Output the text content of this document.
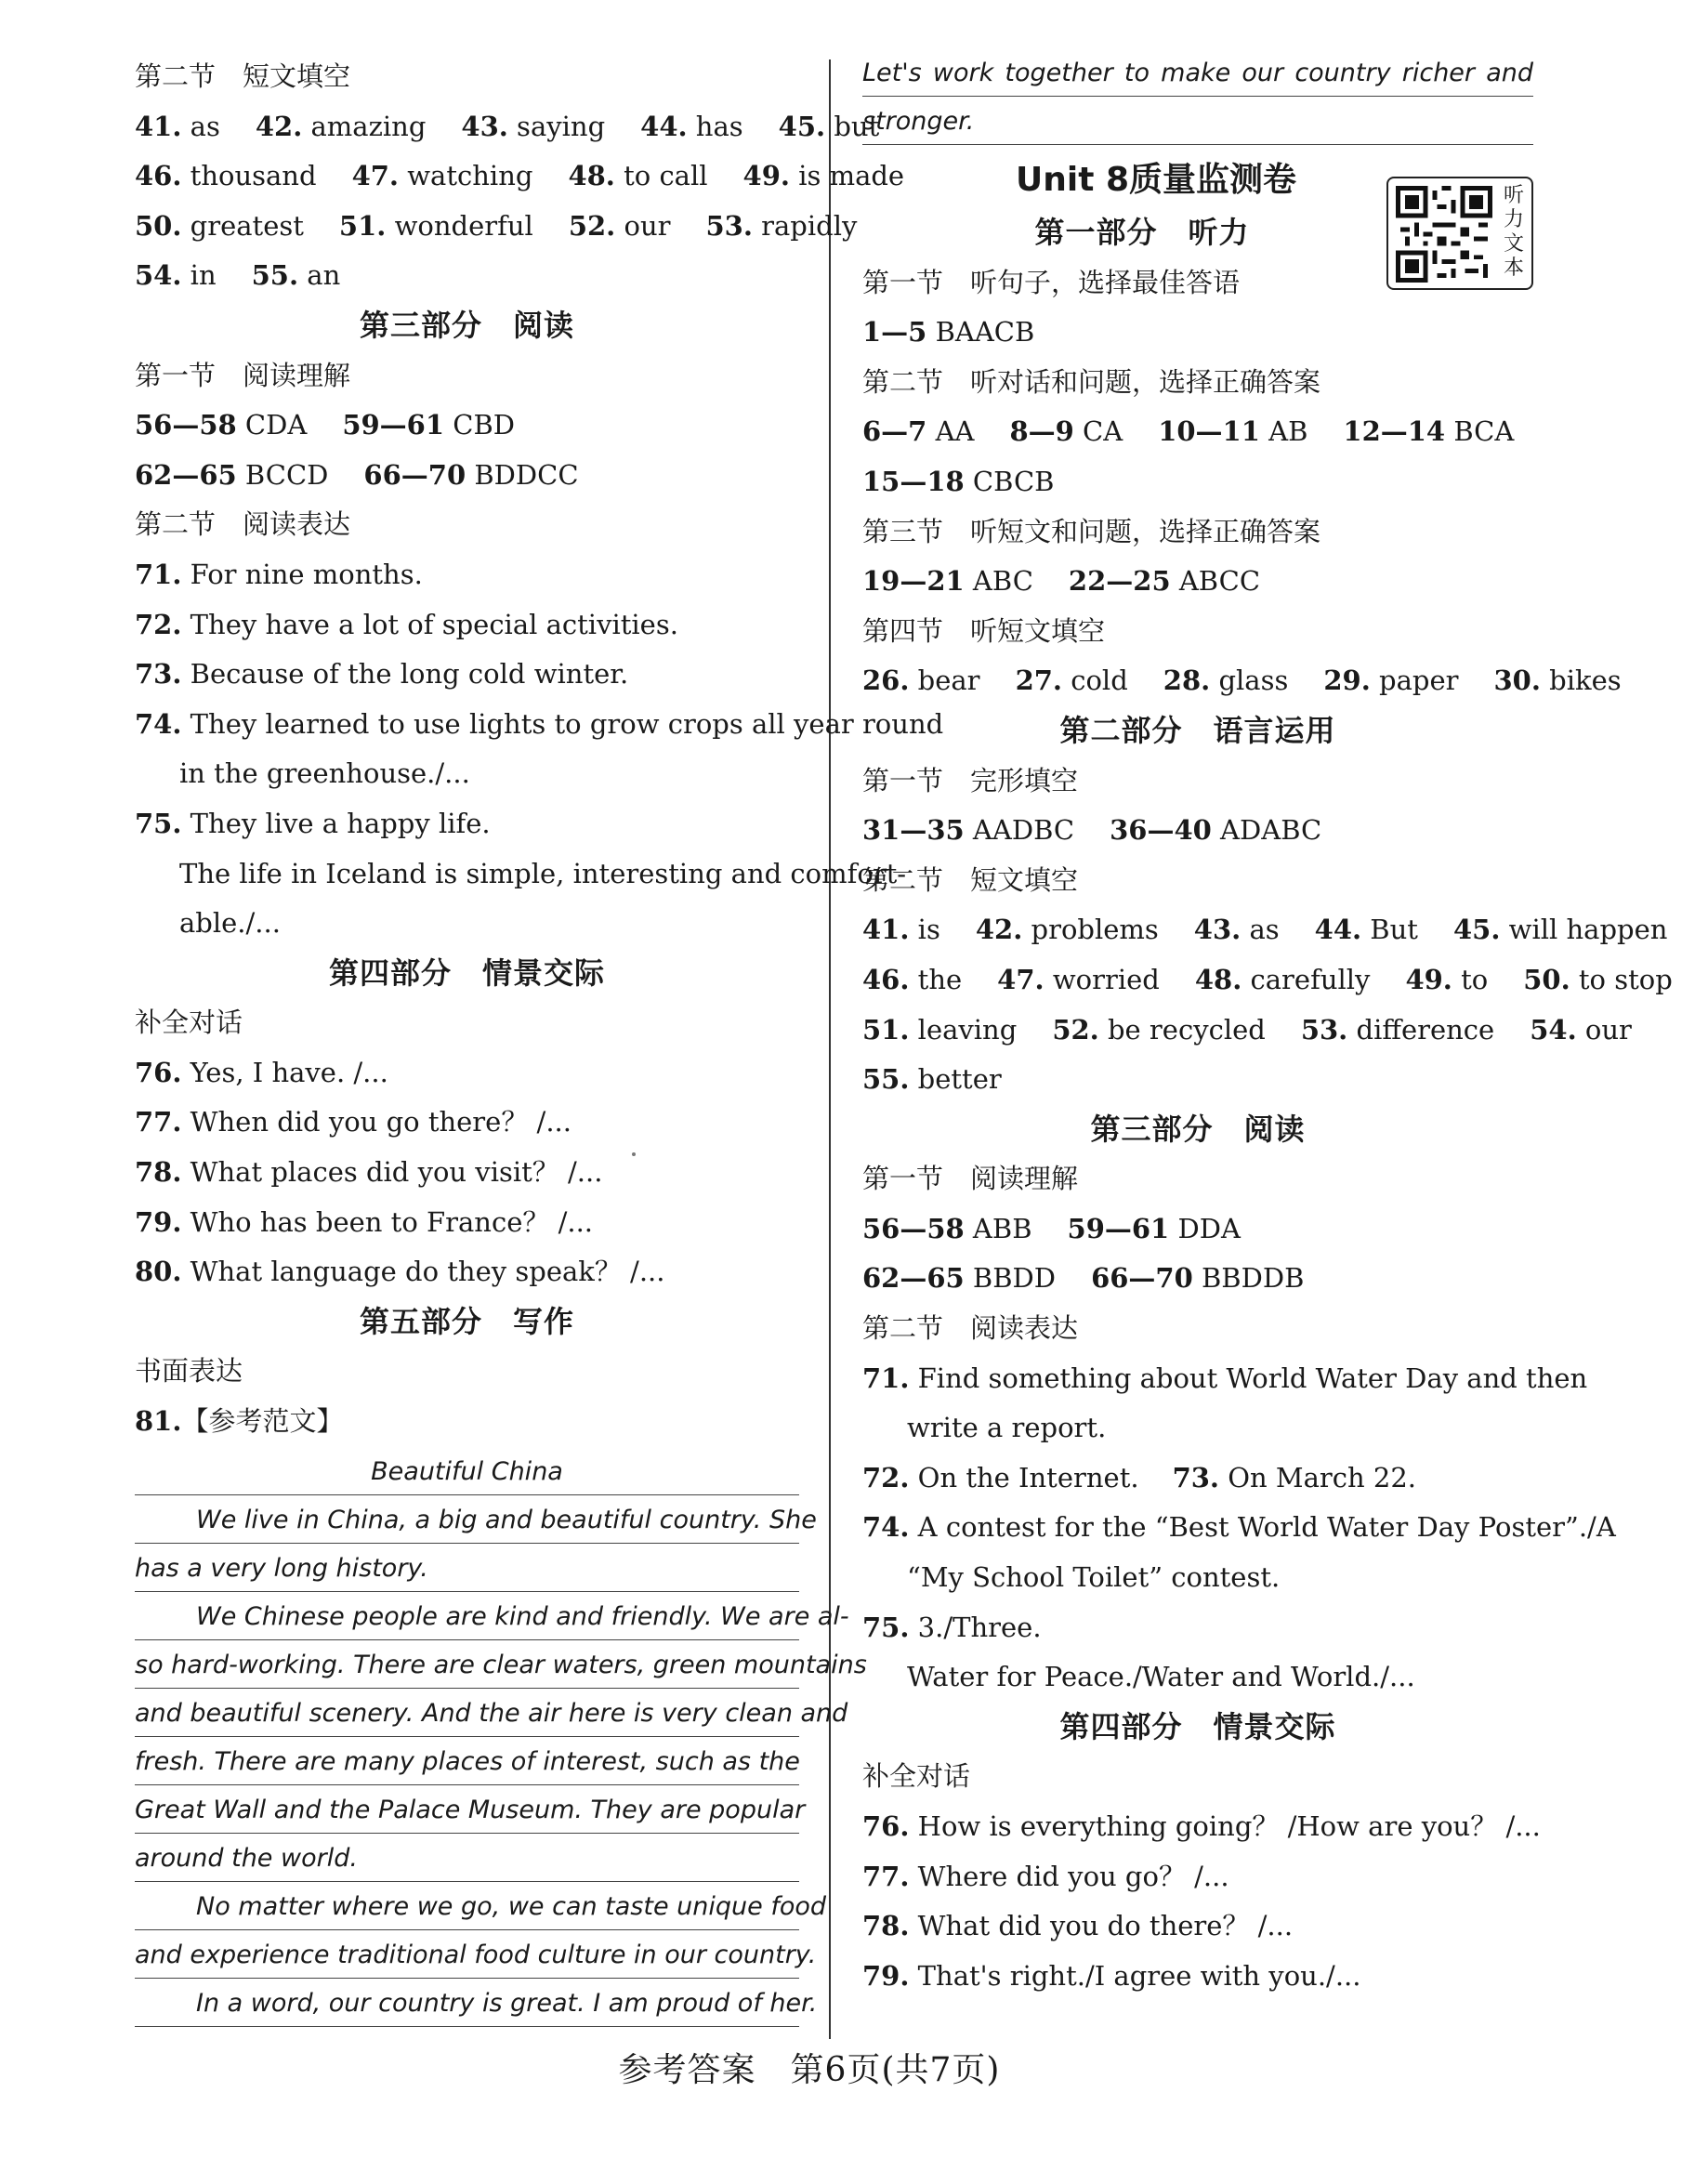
第二节　短文填空
41. as 42. amazing 43. saying 44. has 45. but
46. thousand 47. watching 48. to call 49. is made
50. greatest 51. wonderful 52. our 53. rapidly
54. in 55. an
第三部分　阅读
第一节　阅读理解
56—58 CDA 59—61 CBD
62—65 BCCD 66—70 BDDCC
第二节　阅读表达
71. For nine months.
72. They have a lot of special activities.
73. Because of the long cold winter.
74. They learned to use lights to grow crops all year round
in the greenhouse./...
75. They live a happy life.
The life in Iceland is simple, interesting and comfort-
able./...
第四部分　情景交际
补全对话
76. Yes, I have. /...
77. When did you go there？ /...
78. What places did you visit？ /...
79. Who has been to France？ /...
80. What language do they speak？ /...
第五部分　写作
书面表达
81.【参考范文】
Beautiful China
We live in China, a big and beautiful country. She
has a very long history.
We Chinese people are kind and friendly. We are al-
so hard-working. There are clear waters, green mountains
and beautiful scenery. And the air here is very clean and
fresh. There are many places of interest, such as the
Great Wall and the Palace Museum. They are popular
around the world.
No matter where we go, we can taste unique food
and experience traditional food culture in our country.
In a word, our country is great. I am proud of her.
Let's work together to make our country richer and
stronger.
听力文本
Unit 8质量监测卷
第一部分　听力
第一节　听句子，选择最佳答语
1—5 BAACB
第二节　听对话和问题，选择正确答案
6—7 AA 8—9 CA 10—11 AB 12—14 BCA
15—18 CBCB
第三节　听短文和问题，选择正确答案
19—21 ABC 22—25 ABCC
第四节　听短文填空
26. bear 27. cold 28. glass 29. paper 30. bikes
第二部分　语言运用
第一节　完形填空
31—35 AADBC 36—40 ADABC
第二节　短文填空
41. is 42. problems 43. as 44. But 45. will happen
46. the 47. worried 48. carefully 49. to 50. to stop
51. leaving 52. be recycled 53. difference 54. our
55. better
第三部分　阅读
第一节　阅读理解
56—58 ABB 59—61 DDA
62—65 BBDD 66—70 BBDDB
第二节　阅读表达
71. Find something about World Water Day and then
write a report.
72. On the Internet. 73. On March 22.
74. A contest for the “Best World Water Day Poster”./A
“My School Toilet” contest.
75. 3./Three.
Water for Peace./Water and World./...
第四部分　情景交际
补全对话
76. How is everything going？ /How are you？ /...
77. Where did you go？ /...
78. What did you do there？ /...
79. That's right./I agree with you./...
参考答案　第6页(共7页)
